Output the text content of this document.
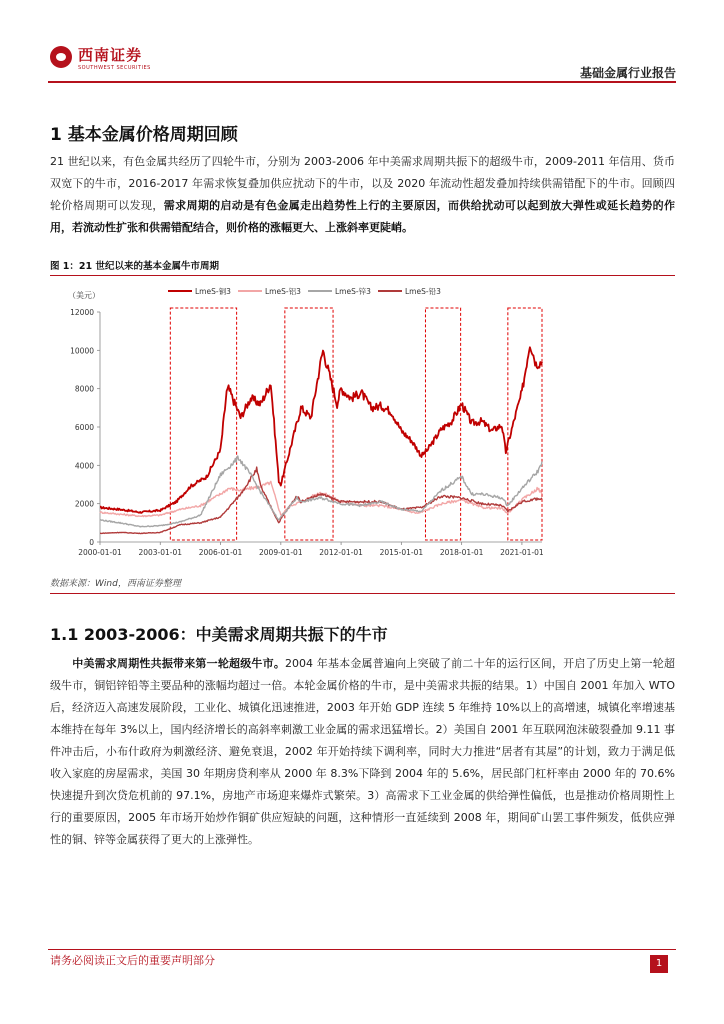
西南证券
SOUTHWEST SECURITIES	基础金属行业报告
1 基本金属价格周期回顾
21 世纪以来，有色金属共经历了四轮牛市，分别为 2003-2006 年中美需求周期共振下的超级牛市，2009-2011 年信用、货币双宽下的牛市，2016-2017 年需求恢复叠加供应扰动下的牛市，以及 2020 年流动性超发叠加持续供需错配下的牛市。回顾四轮价格周期可以发现，需求周期的启动是有色金属走出趋势性上行的主要原因，而供给扰动可以起到放大弹性或延长趋势的作用，若流动性扩张和供需错配结合，则价格的涨幅更大、上涨斜率更陡峭。
图 1：21 世纪以来的基本金属牛市周期
LmeS-铜3	LmeS-铝3	LmeS-锌3	LmeS-铅3
（美元）
0
2000
4000
6000
8000
10000
12000
2000-01-01 2003-01-01 2006-01-01 2009-01-01 2012-01-01 2015-01-01 2018-01-01 2021-01-01
数据来源：Wind，西南证券整理
1.1 2003-2006：中美需求周期共振下的牛市
中美需求周期性共振带来第一轮超级牛市。2004 年基本金属普遍向上突破了前二十年的运行区间，开启了历史上第一轮超级牛市，铜铝锌铅等主要品种的涨幅均超过一倍。本轮金属价格的牛市，是中美需求共振的结果。1）中国自 2001 年加入 WTO 后，经济迈入高速发展阶段，工业化、城镇化迅速推进，2003 年开始 GDP 连续 5 年维持 10%以上的高增速，城镇化率增速基本维持在每年 3%以上，国内经济增长的高斜率刺激工业金属的需求迅猛增长。2）美国自 2001 年互联网泡沫破裂叠加 9.11 事件冲击后，小布什政府为刺激经济、避免衰退，2002 年开始持续下调利率，同时大力推进“居者有其屋”的计划，致力于满足低收入家庭的房屋需求，美国 30 年期房贷利率从 2000 年 8.3%下降到 2004 年的 5.6%，居民部门杠杆率由 2000 年的 70.6%快速提升到次贷危机前的 97.1%，房地产市场迎来爆炸式繁荣。3）高需求下工业金属的供给弹性偏低，也是推动价格周期性上行的重要原因，2005 年市场开始炒作铜矿供应短缺的问题，这种情形一直延续到 2008 年，期间矿山罢工事件频发，低供应弹性的铜、锌等金属获得了更大的上涨弹性。
请务必阅读正文后的重要声明部分	1
